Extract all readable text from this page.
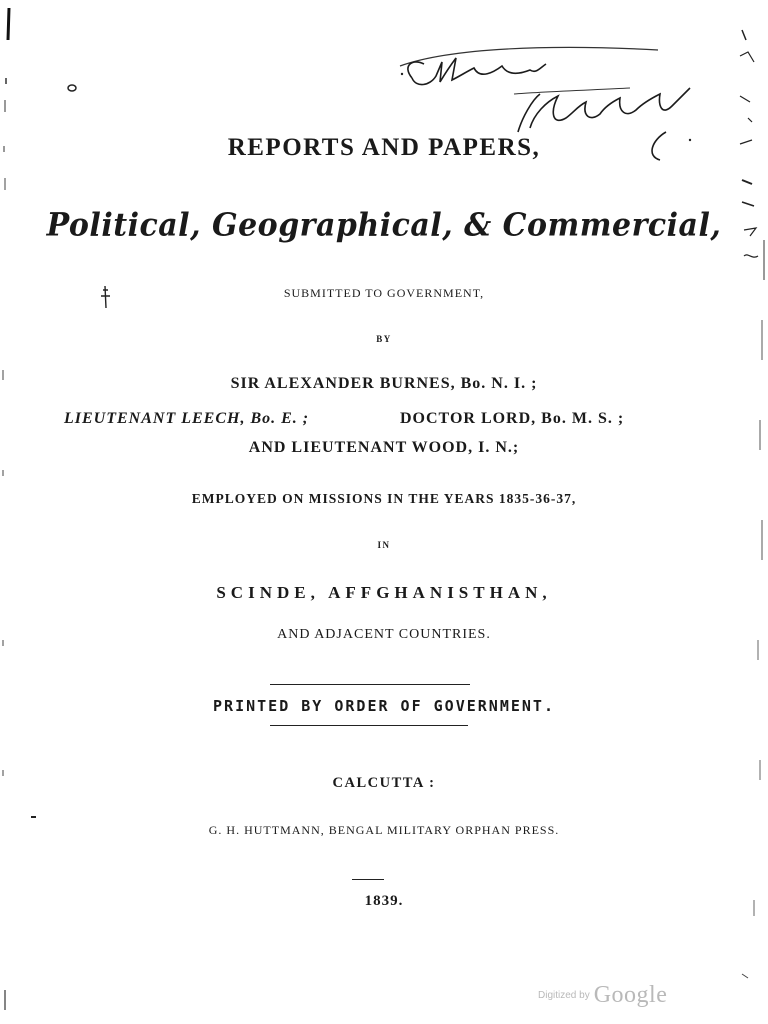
REPORTS AND PAPERS,
Political, Geographical, & Commercial,
SUBMITTED TO GOVERNMENT,
BY
SIR ALEXANDER BURNES, Bo. N. I. ;
LIEUTENANT LEECH, Bo. E. ;	DOCTOR LORD, Bo. M. S. ;
AND LIEUTENANT WOOD, I. N.;
EMPLOYED ON MISSIONS IN THE YEARS 1835-36-37,
IN
SCINDE, AFFGHANISTHAN,
AND ADJACENT COUNTRIES.
PRINTED BY ORDER OF GOVERNMENT.
CALCUTTA :
G. H. HUTTMANN, BENGAL MILITARY ORPHAN PRESS.
1839.
Digitized by Google
